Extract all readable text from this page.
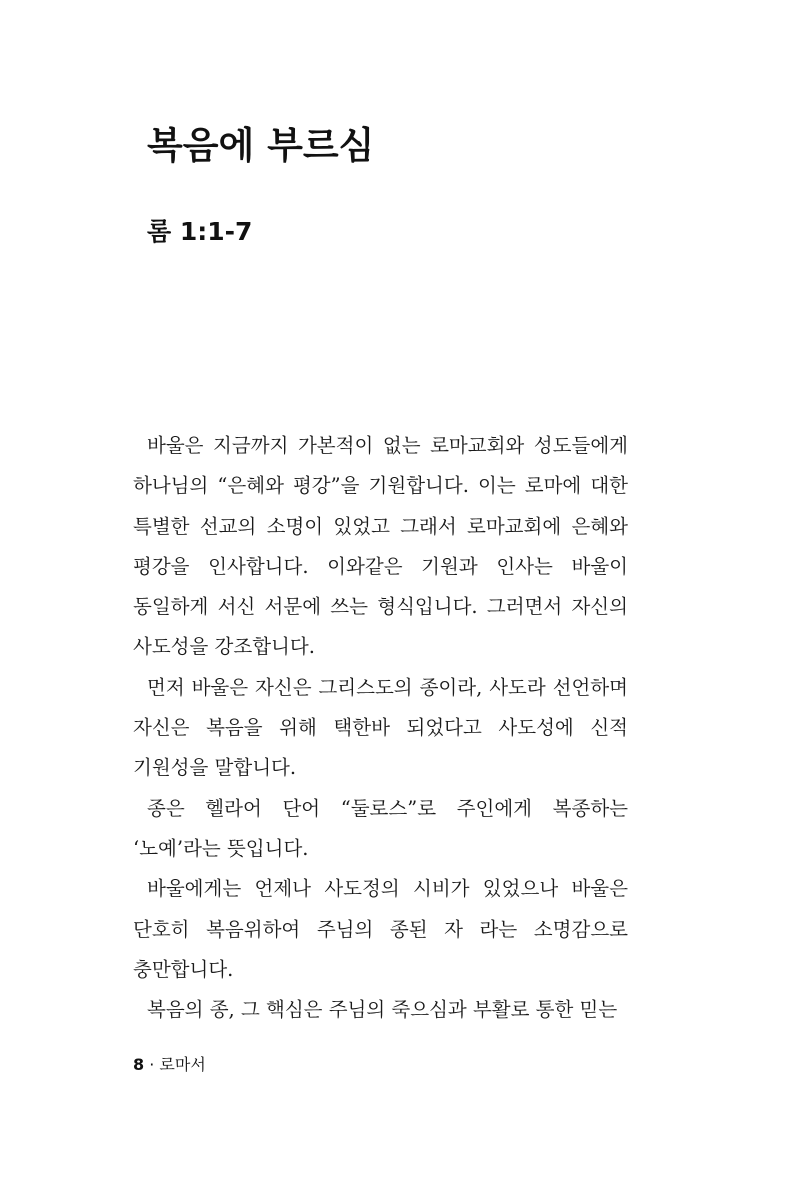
복음에 부르심
롬 1:1-7

바울은 지금까지 가본적이 없는 로마교회와 성도들에게 하나님의 “은혜와 평강”을 기원합니다. 이는 로마에 대한 특별한 선교의 소명이 있었고 그래서 로마교회에 은혜와 평강을 인사합니다. 이와같은 기원과 인사는 바울이 동일하게 서신 서문에 쓰는 형식입니다. 그러면서 자신의 사도성을 강조합니다.

먼저 바울은 자신은 그리스도의 종이라, 사도라 선언하며 자신은 복음을 위해 택한바 되었다고 사도성에 신적 기원성을 말합니다.

종은 헬라어 단어 “둘로스”로 주인에게 복종하는 ‘노예’라는 뜻입니다.

바울에게는 언제나 사도정의 시비가 있었으나 바울은 단호히 복음위하여 주님의 종된 자 라는 소명감으로 충만합니다.

복음의 종, 그 핵심은 주님의 죽으심과 부활로 통한 믿는

8 · 로마서
